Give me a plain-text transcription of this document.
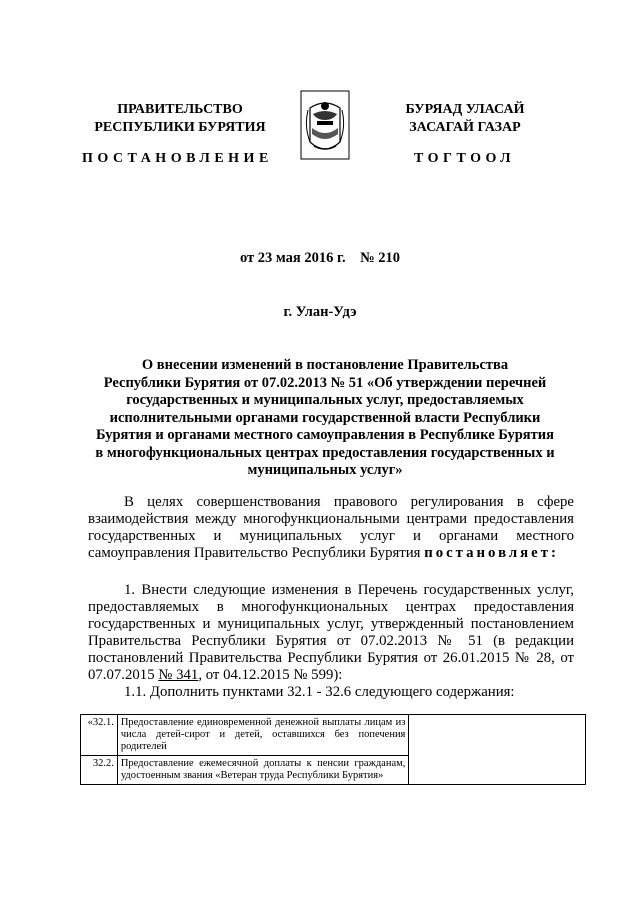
ПРАВИТЕЛЬСТВО
РЕСПУБЛИКИ БУРЯТИЯ
БУРЯАД УЛАСАЙ
ЗАСАГАЙ ГАЗАР
ПОСТАНОВЛЕНИЕ	ТОГТООЛ
от 23 мая 2016 г.    № 210
г. Улан-Удэ
О внесении изменений в постановление Правительства
Республики Бурятия от 07.02.2013 № 51 «Об утверждении перечней
государственных и муниципальных услуг, предоставляемых
исполнительными органами государственной власти Республики
Бурятия и органами местного самоуправления в Республике Бурятия
в многофункциональных центрах предоставления государственных и
муниципальных услуг»

В целях совершенствования правового регулирования в сфере взаимодействия между многофункциональными центрами предоставления государственных и муниципальных услуг и органами местного самоуправления Правительство Республики Бурятия постановляет:

1. Внести следующие изменения в Перечень государственных услуг, предоставляемых в многофункциональных центрах предоставления государственных и муниципальных услуг, утвержденный постановлением Правительства Республики Бурятия от 07.02.2013 № 51 (в редакции постановлений Правительства Республики Бурятия от 26.01.2015 № 28, от 07.07.2015 № 341, от 04.12.2015 № 599):

1.1. Дополнить пунктами 32.1 - 32.6 следующего содержания:

«32.1.	Предоставление единовременной денежной выплаты лицам из числа детей-сирот и детей, оставшихся без попечения родителей	
32.2.	Предоставление ежемесячной доплаты к пенсии гражданам, удостоенным звания «Ветеран труда Республики Бурятия»	
